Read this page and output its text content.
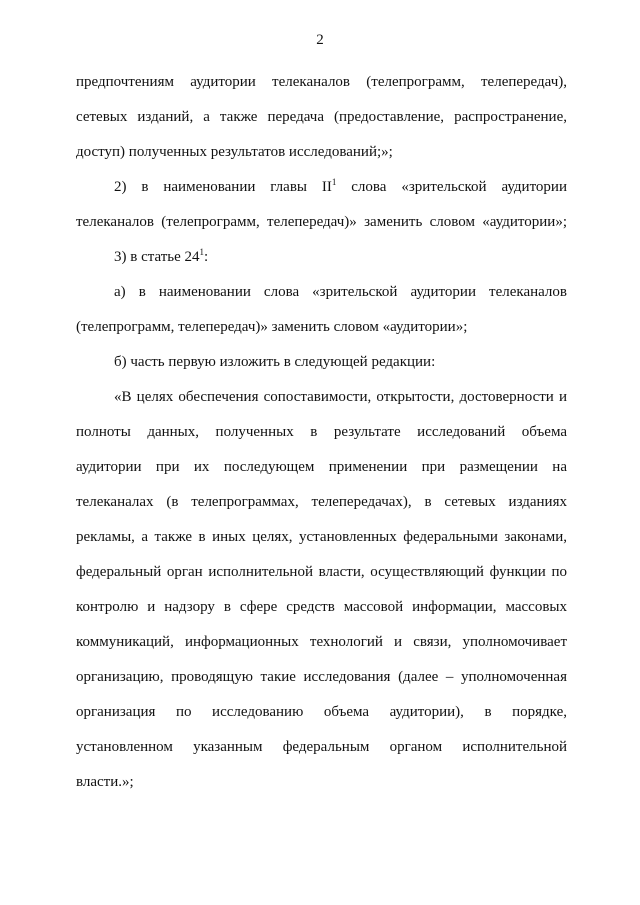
2
предпочтениям аудитории телеканалов (телепрограмм, телепередач),
сетевых изданий, а также передача (предоставление, распространение,
доступ) полученных результатов исследований;»;
2) в наименовании главы $II^1$ слова «зрительской аудитории
телеканалов (телепрограмм, телепередач)» заменить словом «аудитории»;
3) в статье $24^1$:
а) в наименовании слова «зрительской аудитории телеканалов
(телепрограмм, телепередач)» заменить словом «аудитории»;
б) часть первую изложить в следующей редакции:
«В целях обеспечения сопоставимости, открытости, достоверности и
полноты данных, полученных в результате исследований объема
аудитории при их последующем применении при размещении на
телеканалах (в телепрограммах, телепередачах), в сетевых изданиях
рекламы, а также в иных целях, установленных федеральными законами,
федеральный орган исполнительной власти, осуществляющий функции по
контролю и надзору в сфере средств массовой информации, массовых
коммуникаций, информационных технологий и связи, уполномочивает
организацию, проводящую такие исследования (далее – уполномоченная
организация по исследованию объема аудитории), в порядке,
установленном указанным федеральным органом исполнительной
власти.»;
